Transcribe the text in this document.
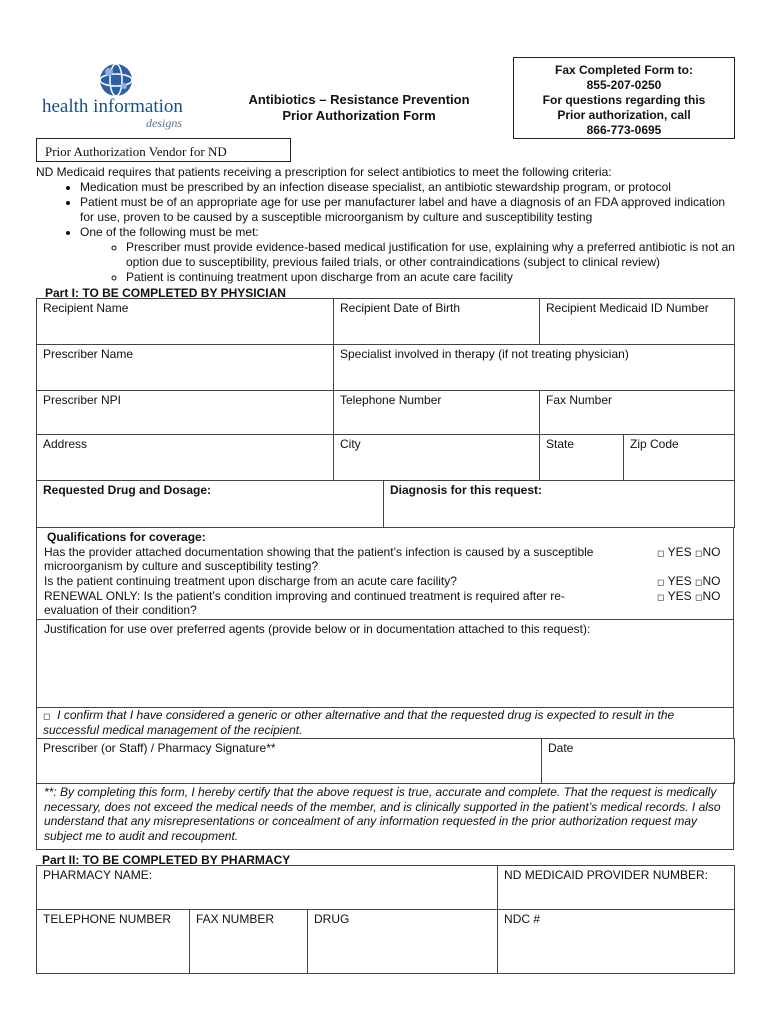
health information
designs
Antibiotics – Resistance Prevention
Prior Authorization Form
Fax Completed Form to:
855-207-0250
For questions regarding this
Prior authorization, call
866-773-0695
Prior Authorization Vendor for ND
ND Medicaid requires that patients receiving a prescription for select antibiotics to meet the following criteria:
• Medication must be prescribed by an infection disease specialist, an antibiotic stewardship program, or protocol
• Patient must be of an appropriate age for use per manufacturer label and have a diagnosis of an FDA approved indication for use, proven to be caused by a susceptible microorganism by culture and susceptibility testing
• One of the following must be met:
◦ Prescriber must provide evidence-based medical justification for use, explaining why a preferred antibiotic is not an option due to susceptibility, previous failed trials, or other contraindications (subject to clinical review)
◦ Patient is continuing treatment upon discharge from an acute care facility
Part I: TO BE COMPLETED BY PHYSICIAN
Recipient Name	Recipient Date of Birth		Recipient Medicaid ID Number	
Prescriber Name	Specialist involved in therapy (if not treating physician)			
Prescriber NPI	Telephone Number		Fax Number	
Address	City		State	Zip Code
Requested Drug and Dosage:		Diagnosis for this request:		
Qualifications for coverage:
Has the provider attached documentation showing that the patient’s infection is caused by a susceptible microorganism by culture and susceptibility testing?
◻ YES ◻NO
Is the patient continuing treatment upon discharge from an acute care facility?	◻ YES ◻NO
RENEWAL ONLY: Is the patient’s condition improving and continued treatment is required after re-evaluation of their condition?
◻ YES ◻NO
Justification for use over preferred agents (provide below or in documentation attached to this request):
◻ I confirm that I have considered a generic or other alternative and that the requested drug is expected to result in the successful medical management of the recipient.
Prescriber (or Staff) / Pharmacy Signature**	Date
**: By completing this form, I hereby certify that the above request is true, accurate and complete. That the request is medically necessary, does not exceed the medical needs of the member, and is clinically supported in the patient’s medical records. I also understand that any misrepresentations or concealment of any information requested in the prior authorization request may subject me to audit and recoupment.
Part II: TO BE COMPLETED BY PHARMACY
PHARMACY NAME:			ND MEDICAID PROVIDER NUMBER:
TELEPHONE NUMBER	FAX NUMBER	DRUG	NDC #
